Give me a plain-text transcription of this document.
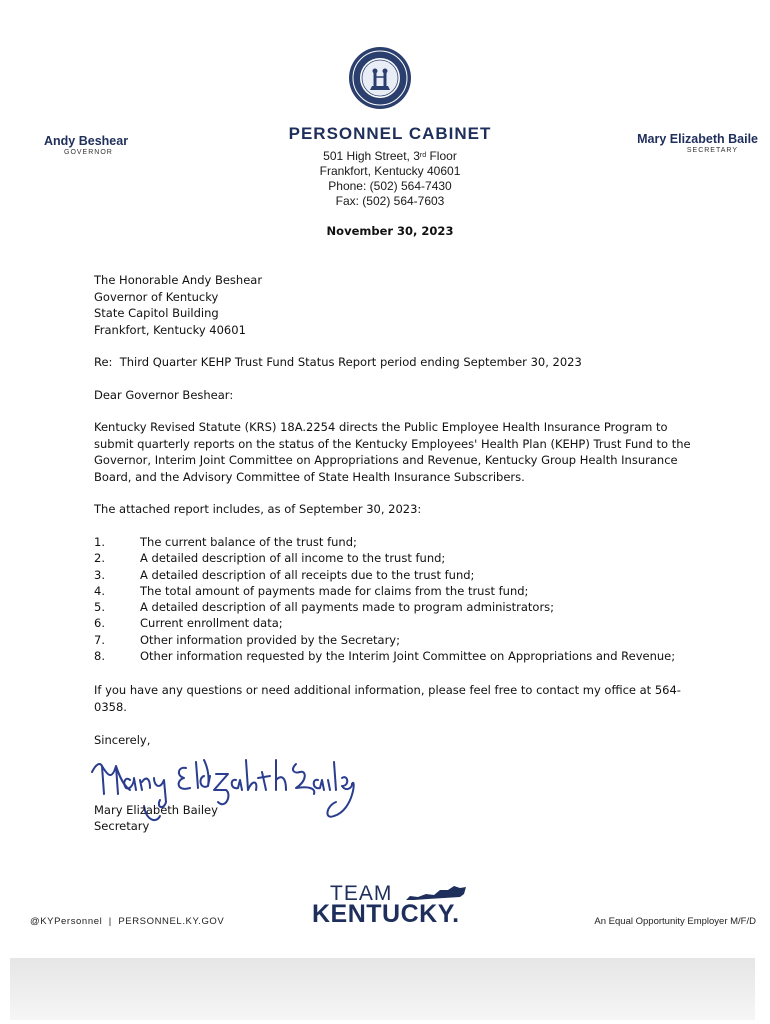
Andy Beshear
GOVERNOR
PERSONNEL CABINET	Mary Elizabeth Baile
SECRETARY
501 High Street, 3rd Floor
Frankfort, Kentucky 40601
Phone: (502) 564-7430
Fax: (502) 564-7603
November 30, 2023
The Honorable Andy Beshear
Governor of Kentucky
State Capitol Building
Frankfort, Kentucky 40601
Re:  Third Quarter KEHP Trust Fund Status Report period ending September 30, 2023
Dear Governor Beshear:
Kentucky Revised Statute (KRS) 18A.2254 directs the Public Employee Health Insurance Program to submit quarterly reports on the status of the Kentucky Employees' Health Plan (KEHP) Trust Fund to the Governor, Interim Joint Committee on Appropriations and Revenue, Kentucky Group Health Insurance Board, and the Advisory Committee of State Health Insurance Subscribers.
The attached report includes, as of September 30, 2023:
1.	The current balance of the trust fund;
2.	A detailed description of all income to the trust fund;
3.	A detailed description of all receipts due to the trust fund;
4.	The total amount of payments made for claims from the trust fund;
5.	A detailed description of all payments made to program administrators;
6.	Current enrollment data;
7.	Other information provided by the Secretary;
8.	Other information requested by the Interim Joint Committee on Appropriations and Revenue;
If you have any questions or need additional information, please feel free to contact my office at 564-
0358.
Sincerely,
Mary Elizabeth Bailey
Secretary
@KYPersonnel  |  PERSONNEL.KY.GOV
TEAM
KENTUCKY.	An Equal Opportunity Employer M/F/D
